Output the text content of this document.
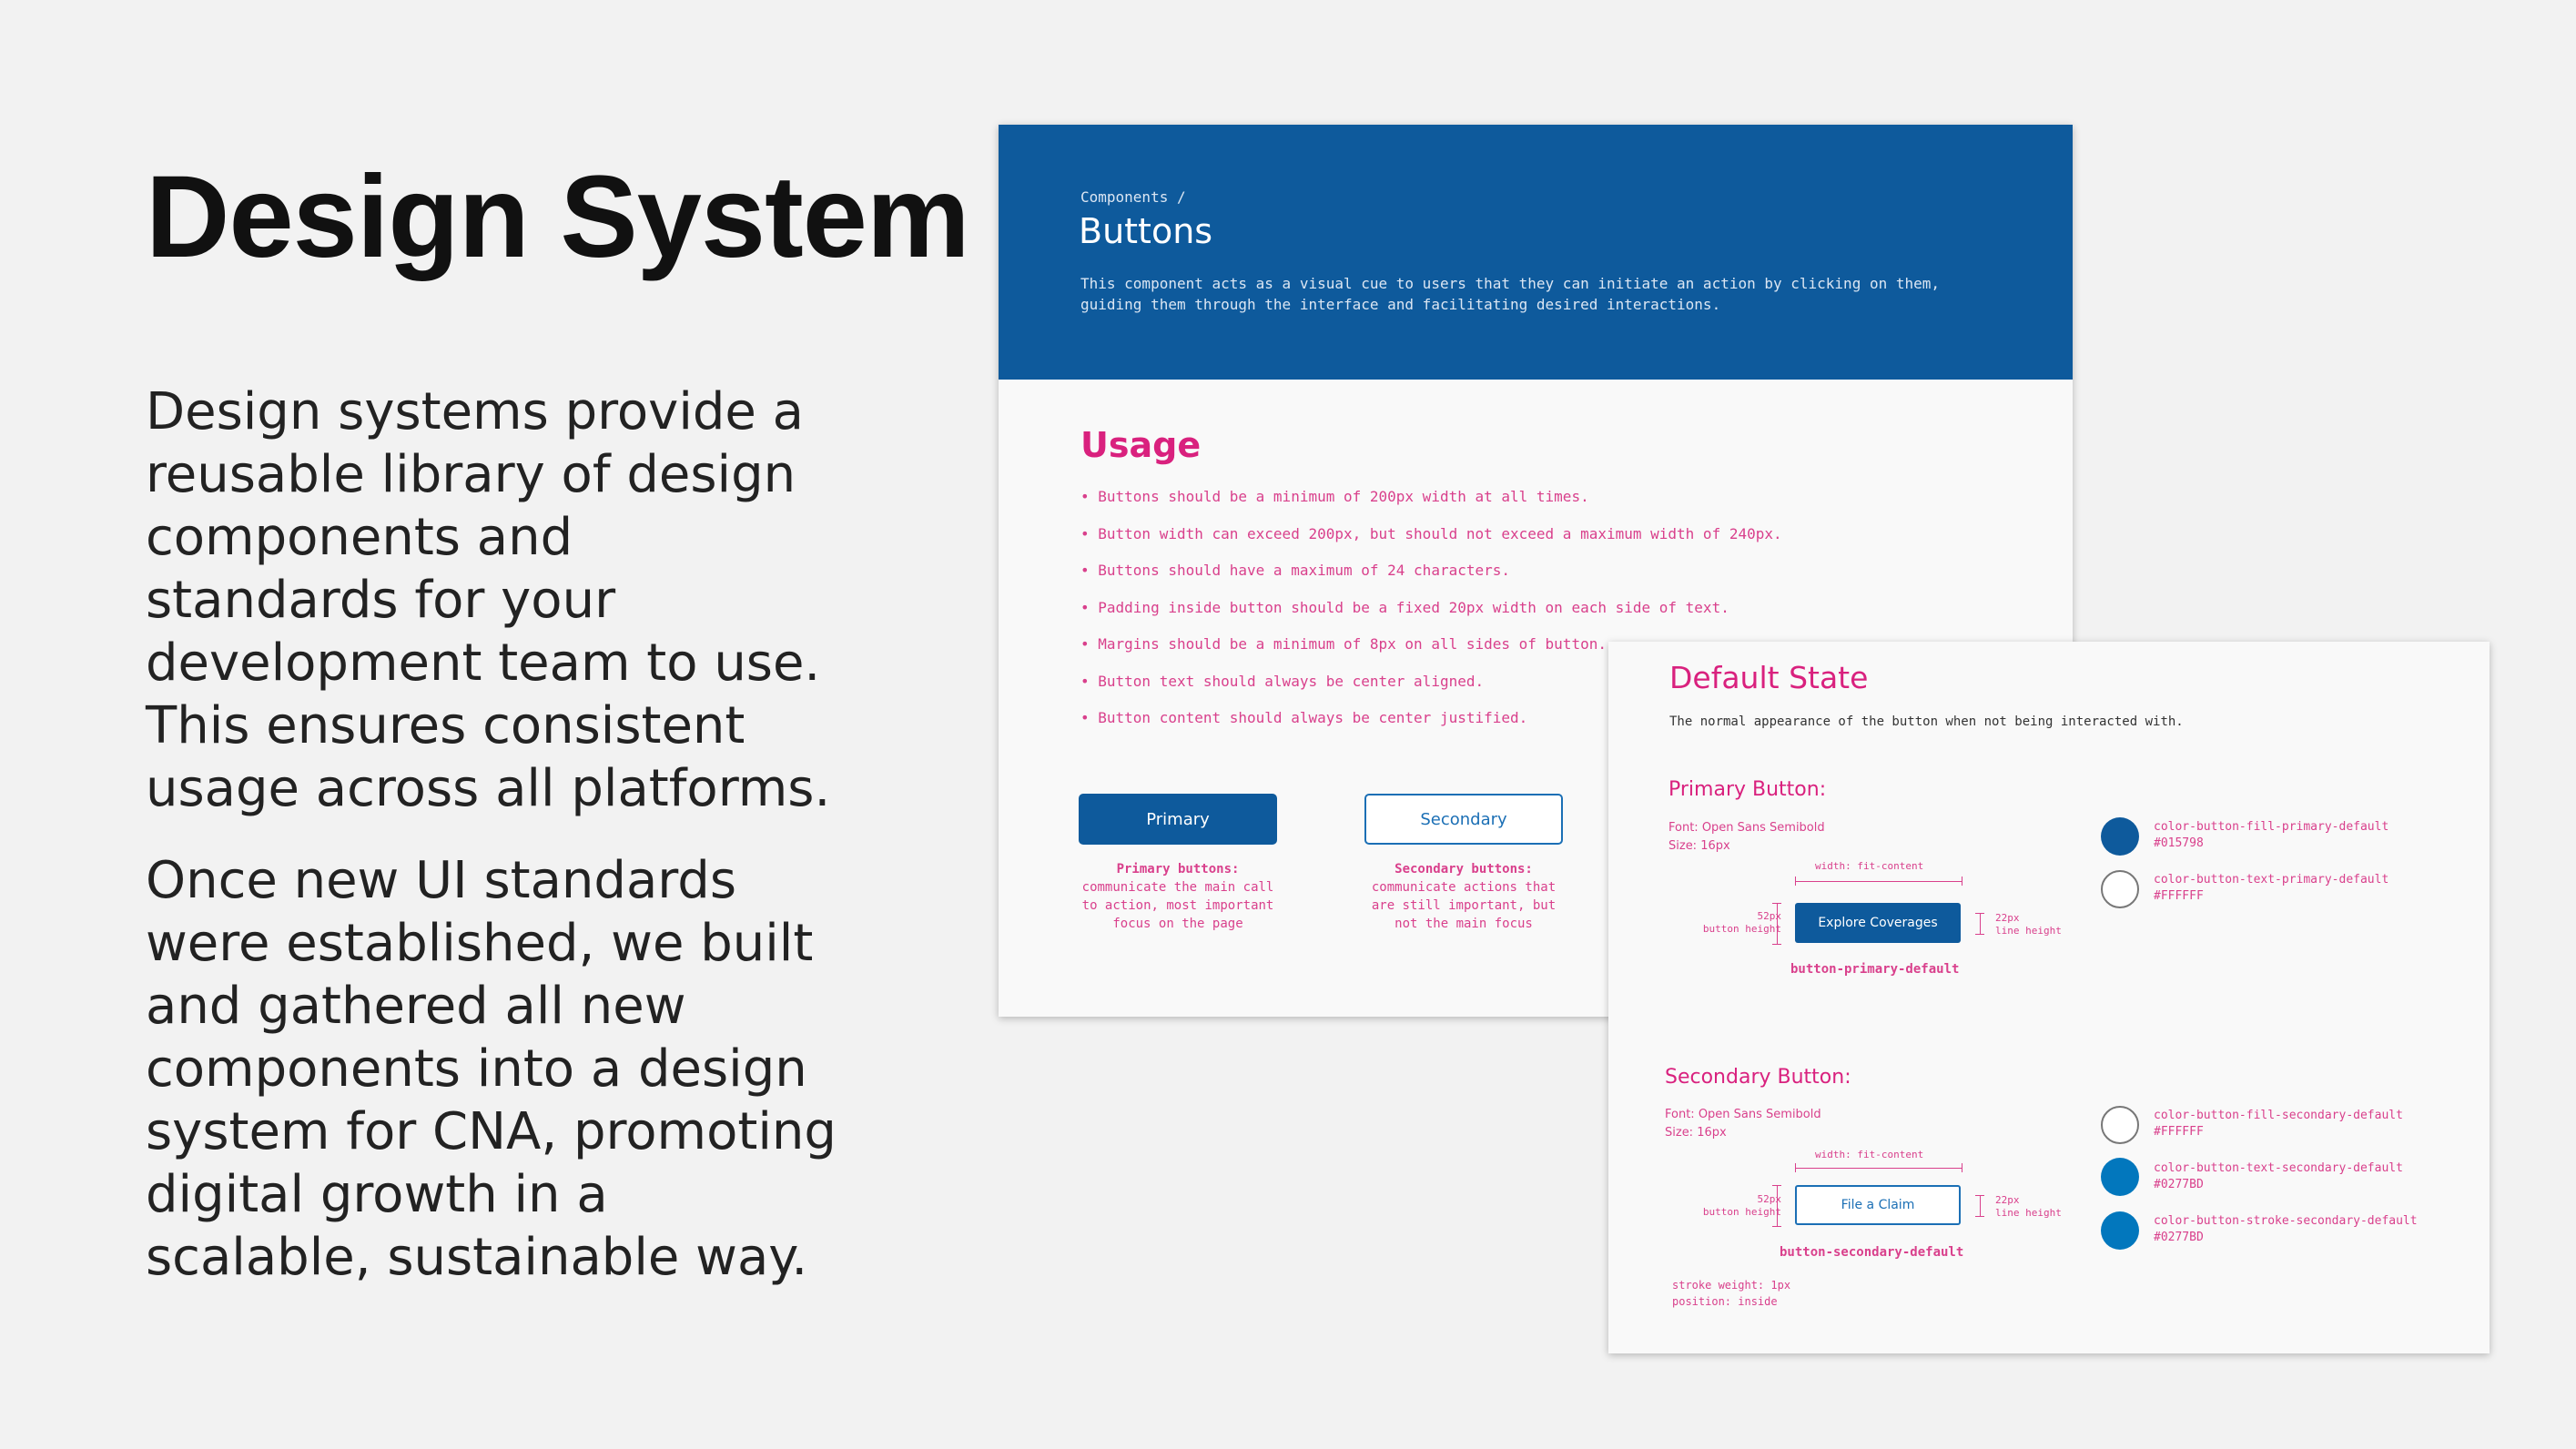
Design System

Design systems provide a reusable library of design components and standards for your development team to use. This ensures consistent usage across all platforms.

Once new UI standards were established, we built and gathered all new components into a design system for CNA, promoting digital growth in a scalable, sustainable way.

Components /
Buttons
This component acts as a visual cue to users that they can initiate an action by clicking on them, guiding them through the interface and facilitating desired interactions.
Usage
• Buttons should be a minimum of 200px width at all times.
• Button width can exceed 200px, but should not exceed a maximum width of 240px.
• Buttons should have a maximum of 24 characters.
• Padding inside button should be a fixed 20px width on each side of text.
• Margins should be a minimum of 8px on all sides of button.
• Button text should always be center aligned.
• Button content should always be center justified.
Primary	Secondary
Primary buttons:
communicate the main call to action, most important focus on the page
Secondary buttons:
communicate actions that are still important, but not the main focus
Default State
The normal appearance of the button when not being interacted with.
Primary Button:
Font: Open Sans Semibold
Size: 16px
width: fit-content
52px
button height	Explore Coverages	22px
line height
button-primary-default
color-button-fill-primary-default
#015798
color-button-text-primary-default
#FFFFFF
Secondary Button:
Font: Open Sans Semibold
Size: 16px
width: fit-content
52px
button height	File a Claim	22px
line height
button-secondary-default
stroke weight: 1px
position: inside
color-button-fill-secondary-default
#FFFFFF
color-button-text-secondary-default
#0277BD
color-button-stroke-secondary-default
#0277BD
